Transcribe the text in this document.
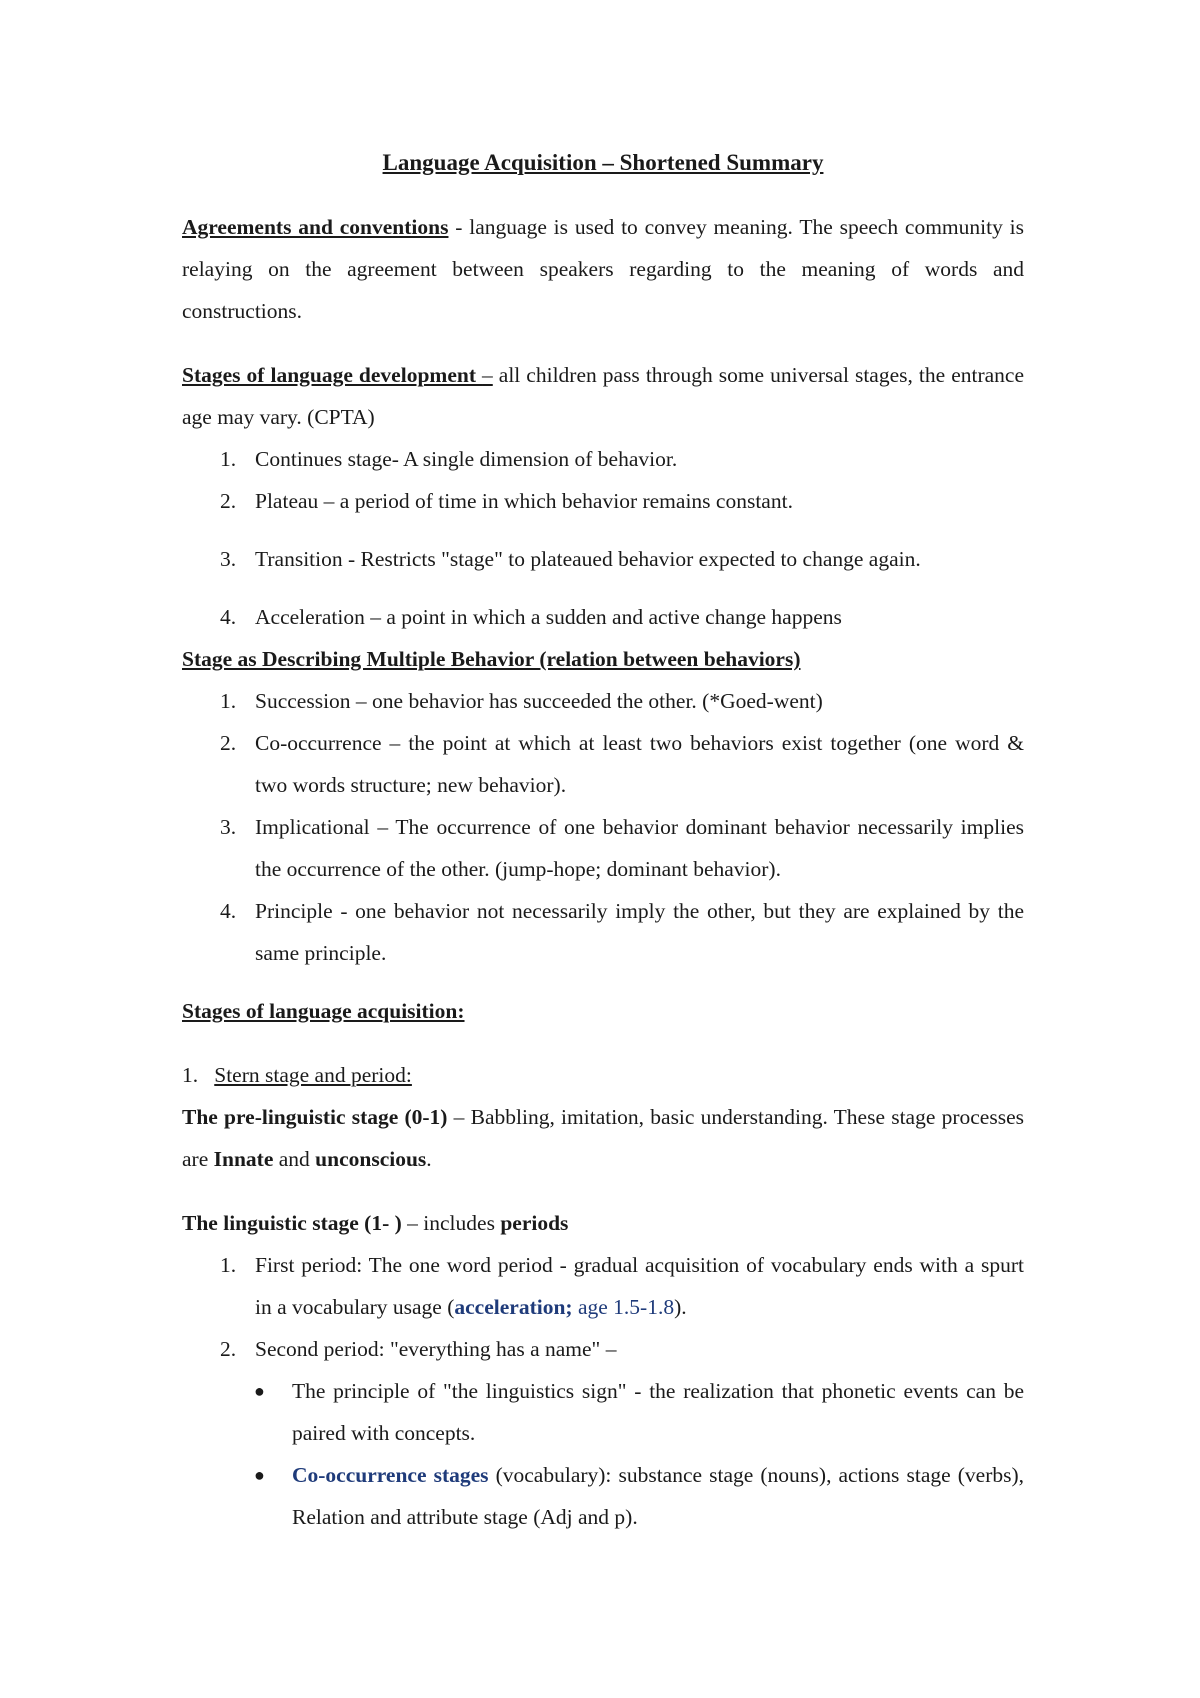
Language Acquisition – Shortened Summary

Agreements and conventions - language is used to convey meaning. The speech community is relaying on the agreement between speakers regarding to the meaning of words and constructions.

Stages of language development – all children pass through some universal stages, the entrance age may vary. (CPTA)

1. Continues stage- A single dimension of behavior.
2. Plateau – a period of time in which behavior remains constant.
3. Transition - Restricts "stage" to plateaued behavior expected to change again.
4. Acceleration – a point in which a sudden and active change happens

Stage as Describing Multiple Behavior (relation between behaviors)

1. Succession – one behavior has succeeded the other. (*Goed-went)
2. Co-occurrence – the point at which at least two behaviors exist together (one word & two words structure; new behavior).
3. Implicational – The occurrence of one behavior dominant behavior necessarily implies the occurrence of the other. (jump-hope; dominant behavior).
4. Principle - one behavior not necessarily imply the other, but they are explained by the same principle.

Stages of language acquisition:

1. Stern stage and period:

The pre-linguistic stage (0-1) – Babbling, imitation, basic understanding. These stage processes are Innate and unconscious.

The linguistic stage (1- ) – includes periods

1. First period: The one word period - gradual acquisition of vocabulary ends with a spurt in a vocabulary usage (acceleration; age 1.5-1.8).
2. Second period: "everything has a name" –
● The principle of "the linguistics sign" - the realization that phonetic events can be paired with concepts.
● Co-occurrence stages (vocabulary): substance stage (nouns), actions stage (verbs), Relation and attribute stage (Adj and p).
